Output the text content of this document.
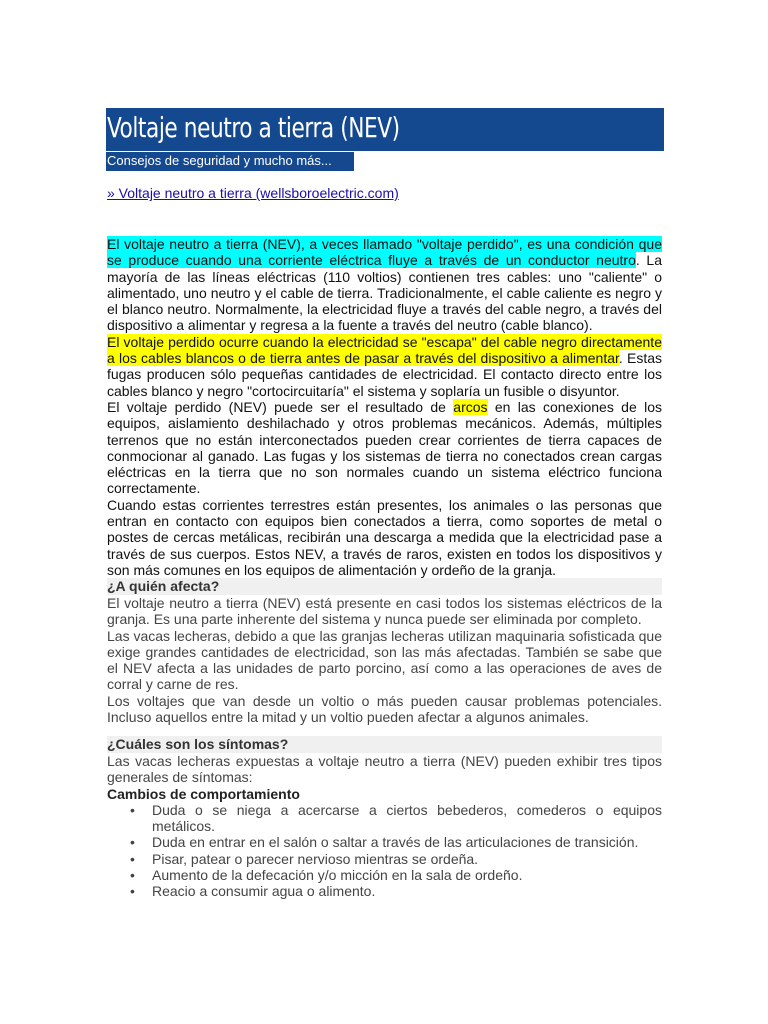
Voltaje neutro a tierra (NEV)
Consejos de seguridad y mucho más...
» Voltaje neutro a tierra (wellsboroelectric.com)

El voltaje neutro a tierra (NEV), a veces llamado "voltaje perdido", es una condición que se produce cuando una corriente eléctrica fluye a través de un conductor neutro. La mayoría de las líneas eléctricas (110 voltios) contienen tres cables: uno "caliente" o alimentado, uno neutro y el cable de tierra. Tradicionalmente, el cable caliente es negro y el blanco neutro. Normalmente, la electricidad fluye a través del cable negro, a través del dispositivo a alimentar y regresa a la fuente a través del neutro (cable blanco).

El voltaje perdido ocurre cuando la electricidad se "escapa" del cable negro directamente a los cables blancos o de tierra antes de pasar a través del dispositivo a alimentar. Estas fugas producen sólo pequeñas cantidades de electricidad. El contacto directo entre los cables blanco y negro "cortocircuitaría" el sistema y soplaría un fusible o disyuntor.

El voltaje perdido (NEV) puede ser el resultado de arcos en las conexiones de los equipos, aislamiento deshilachado y otros problemas mecánicos. Además, múltiples terrenos que no están interconectados pueden crear corrientes de tierra capaces de conmocionar al ganado. Las fugas y los sistemas de tierra no conectados crean cargas eléctricas en la tierra que no son normales cuando un sistema eléctrico funciona correctamente.

Cuando estas corrientes terrestres están presentes, los animales o las personas que entran en contacto con equipos bien conectados a tierra, como soportes de metal o postes de cercas metálicas, recibirán una descarga a medida que la electricidad pase a través de sus cuerpos. Estos NEV, a través de raros, existen en todos los dispositivos y son más comunes en los equipos de alimentación y ordeño de la granja.

¿A quién afecta?

El voltaje neutro a tierra (NEV) está presente en casi todos los sistemas eléctricos de la granja. Es una parte inherente del sistema y nunca puede ser eliminada por completo.

Las vacas lecheras, debido a que las granjas lecheras utilizan maquinaria sofisticada que exige grandes cantidades de electricidad, son las más afectadas. También se sabe que el NEV afecta a las unidades de parto porcino, así como a las operaciones de aves de corral y carne de res.

Los voltajes que van desde un voltio o más pueden causar problemas potenciales. Incluso aquellos entre la mitad y un voltio pueden afectar a algunos animales.

¿Cuáles son los síntomas?

Las vacas lecheras expuestas a voltaje neutro a tierra (NEV) pueden exhibir tres tipos generales de síntomas:

Cambios de comportamiento

• Duda o se niega a acercarse a ciertos bebederos, comederos o equipos metálicos.
• Duda en entrar en el salón o saltar a través de las articulaciones de transición.
• Pisar, patear o parecer nervioso mientras se ordeña.
• Aumento de la defecación y/o micción en la sala de ordeño.
• Reacio a consumir agua o alimento.
